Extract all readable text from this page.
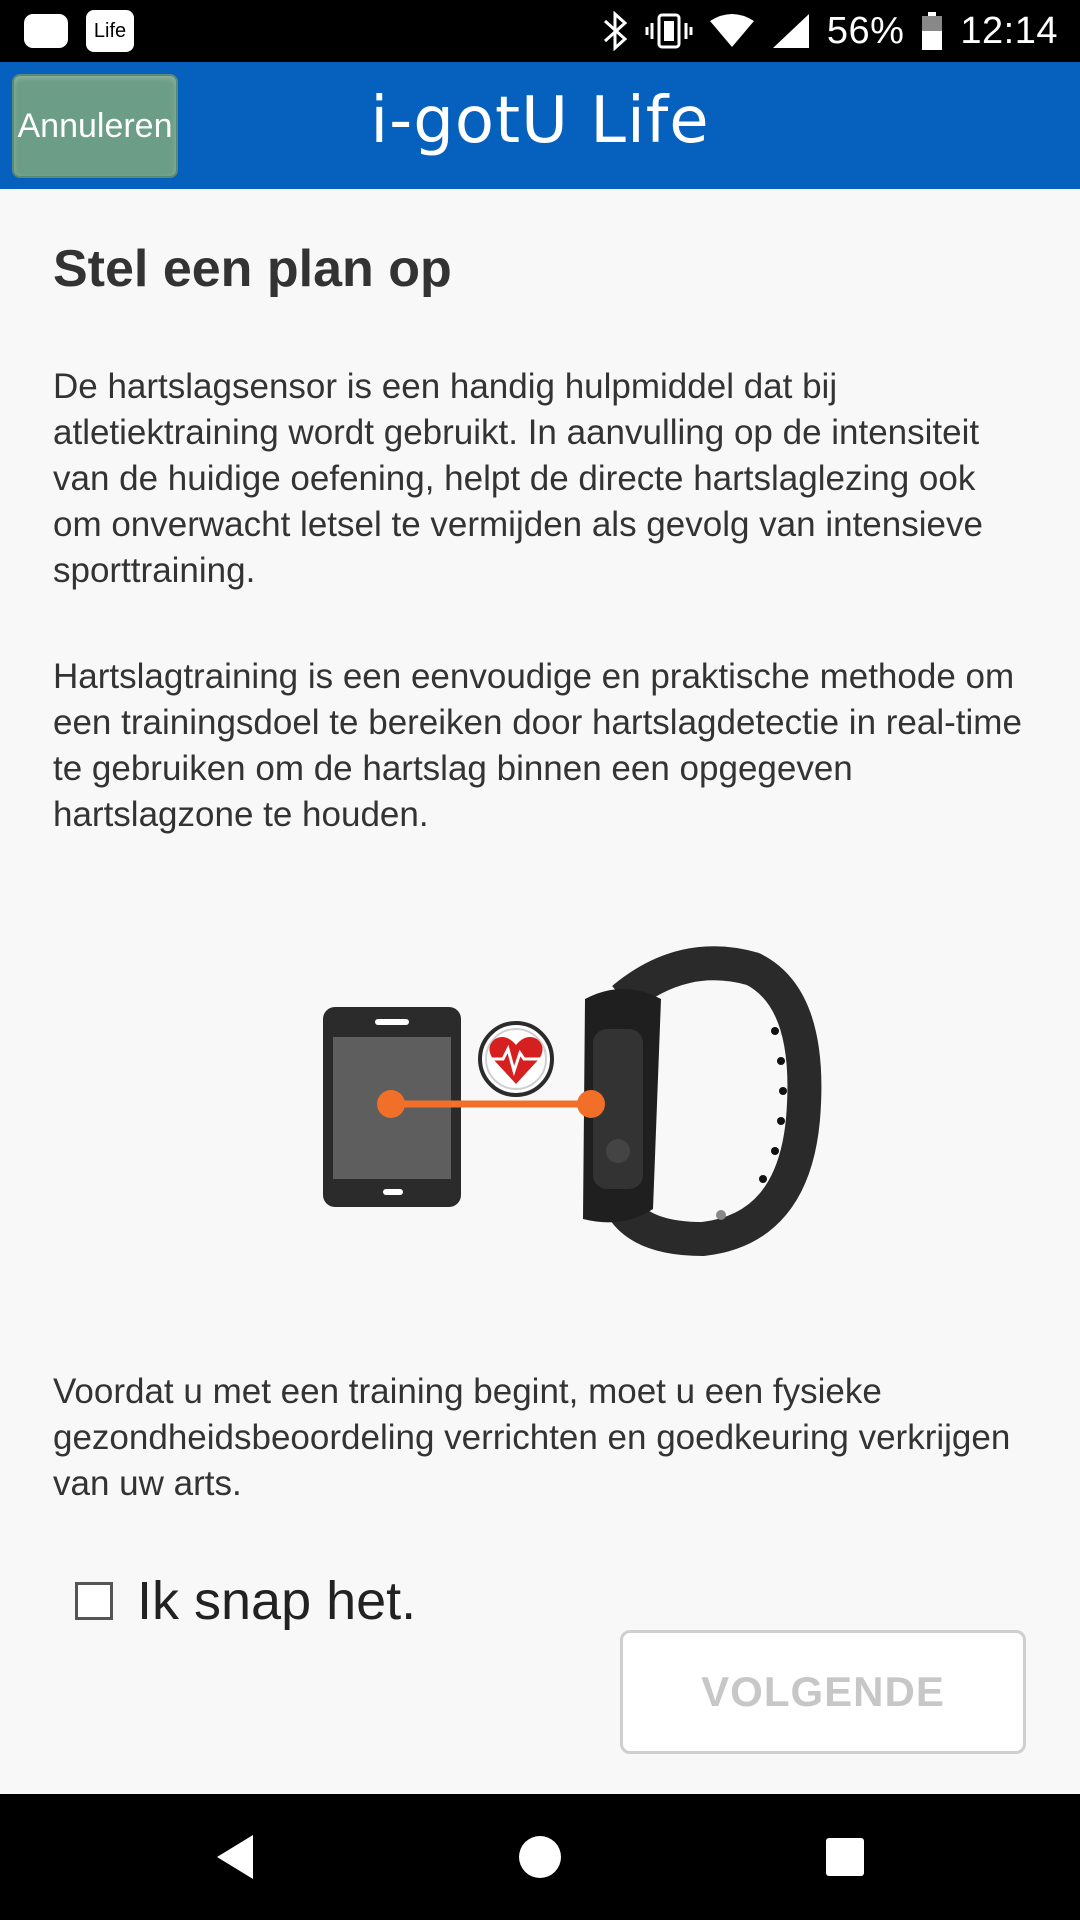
Life	56% 12:14
Annuleren	i-gotU Life
Stel een plan op
De hartslagsensor is een handig hulpmiddel dat bij atletiektraining wordt gebruikt. In aanvulling op de intensiteit van de huidige oefening, helpt de directe hartslaglezing ook om onverwacht letsel te vermijden als gevolg van intensieve sporttraining.
Hartslagtraining is een eenvoudige en praktische methode om een trainingsdoel te bereiken door hartslagdetectie in real-time te gebruiken om de hartslag binnen een opgegeven hartslagzone te houden.
Voordat u met een training begint, moet u een fysieke gezondheidsbeoordeling verrichten en goedkeuring verkrijgen van uw arts.
Ik snap het.
VOLGENDE
